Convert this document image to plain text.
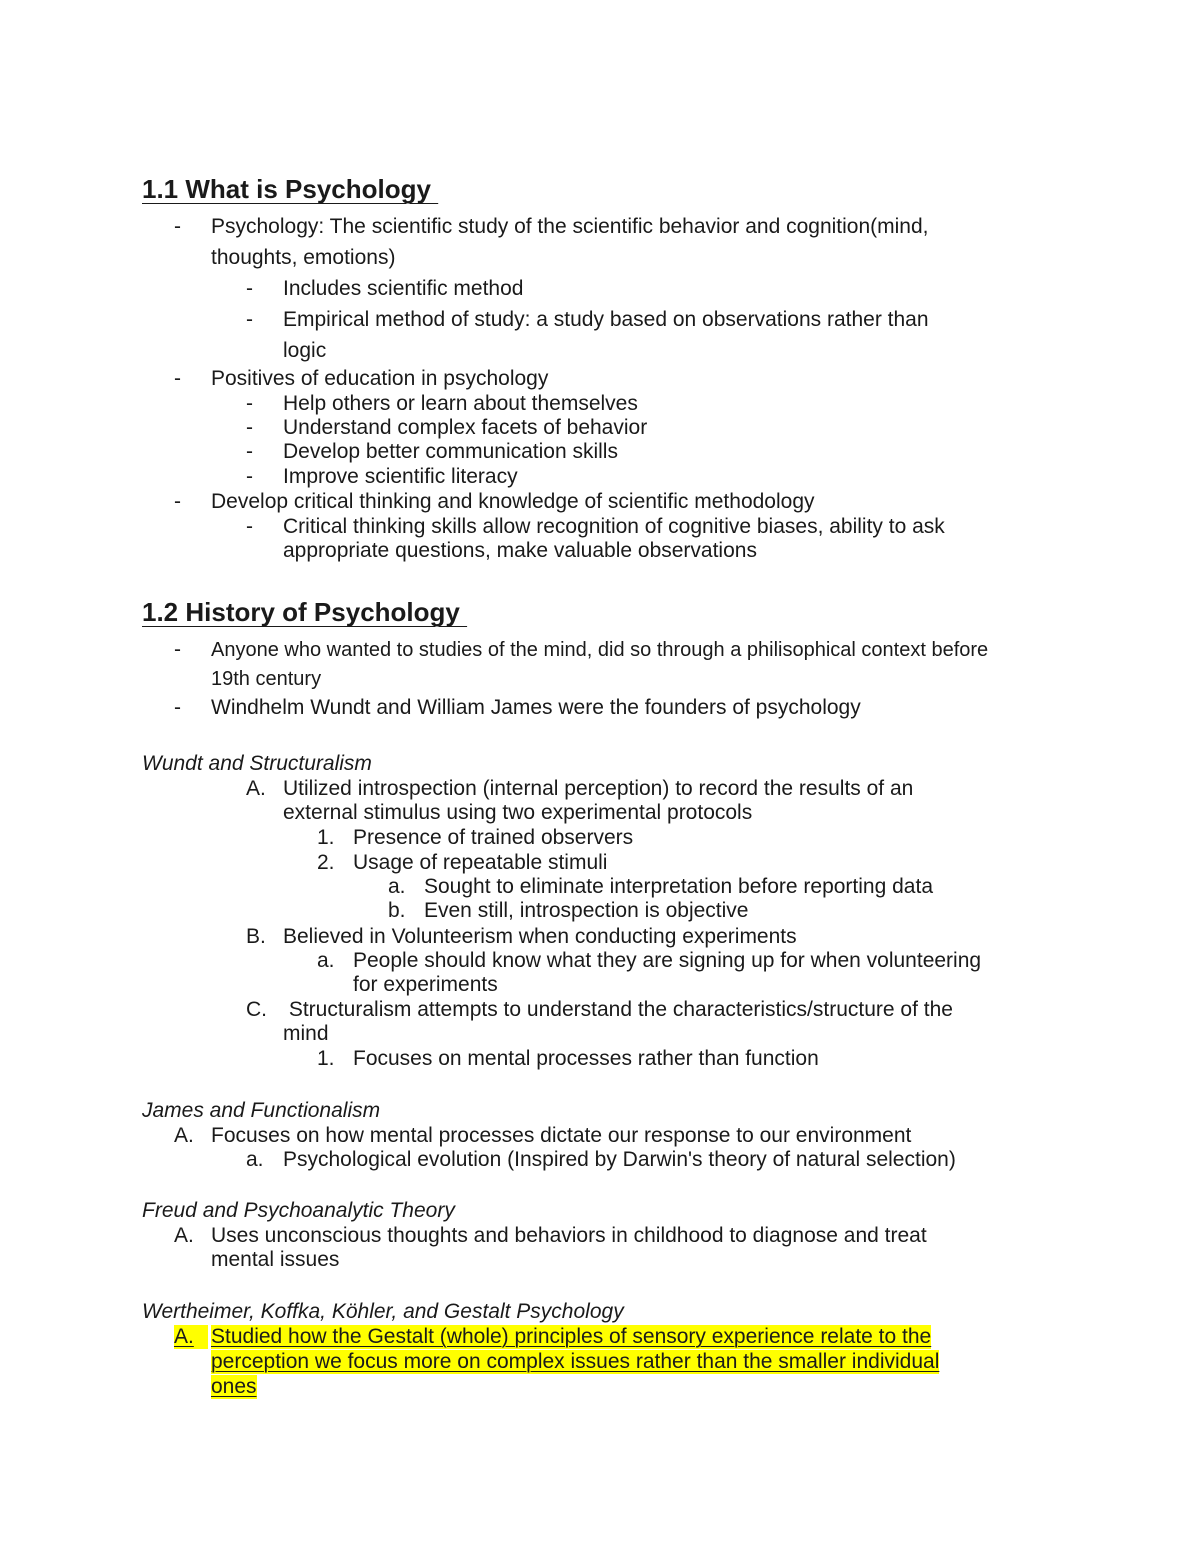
1.1 What is Psychology
- Psychology: The scientific study of the scientific behavior and cognition(mind,
thoughts, emotions)
- Includes scientific method
- Empirical method of study: a study based on observations rather than
logic
- Positives of education in psychology
- Help others or learn about themselves
- Understand complex facets of behavior
- Develop better communication skills
- Improve scientific literacy
- Develop critical thinking and knowledge of scientific methodology
- Critical thinking skills allow recognition of cognitive biases, ability to ask
appropriate questions, make valuable observations
1.2 History of Psychology
- Anyone who wanted to studies of the mind, did so through a philisophical context before
19th century
- Windhelm Wundt and William James were the founders of psychology
Wundt and Structuralism
A. Utilized introspection (internal perception) to record the results of an
external stimulus using two experimental protocols
1. Presence of trained observers
2. Usage of repeatable stimuli
a. Sought to eliminate interpretation before reporting data
b. Even still, introspection is objective
B. Believed in Volunteerism when conducting experiments
a. People should know what they are signing up for when volunteering
for experiments
C. Structuralism attempts to understand the characteristics/structure of the
mind
1. Focuses on mental processes rather than function
James and Functionalism
A. Focuses on how mental processes dictate our response to our environment
a. Psychological evolution (Inspired by Darwin's theory of natural selection)
Freud and Psychoanalytic Theory
A. Uses unconscious thoughts and behaviors in childhood to diagnose and treat
mental issues
Wertheimer, Koffka, Köhler, and Gestalt Psychology
A. Studied how the Gestalt (whole) principles of sensory experience relate to the
perception we focus more on complex issues rather than the smaller individual
ones
